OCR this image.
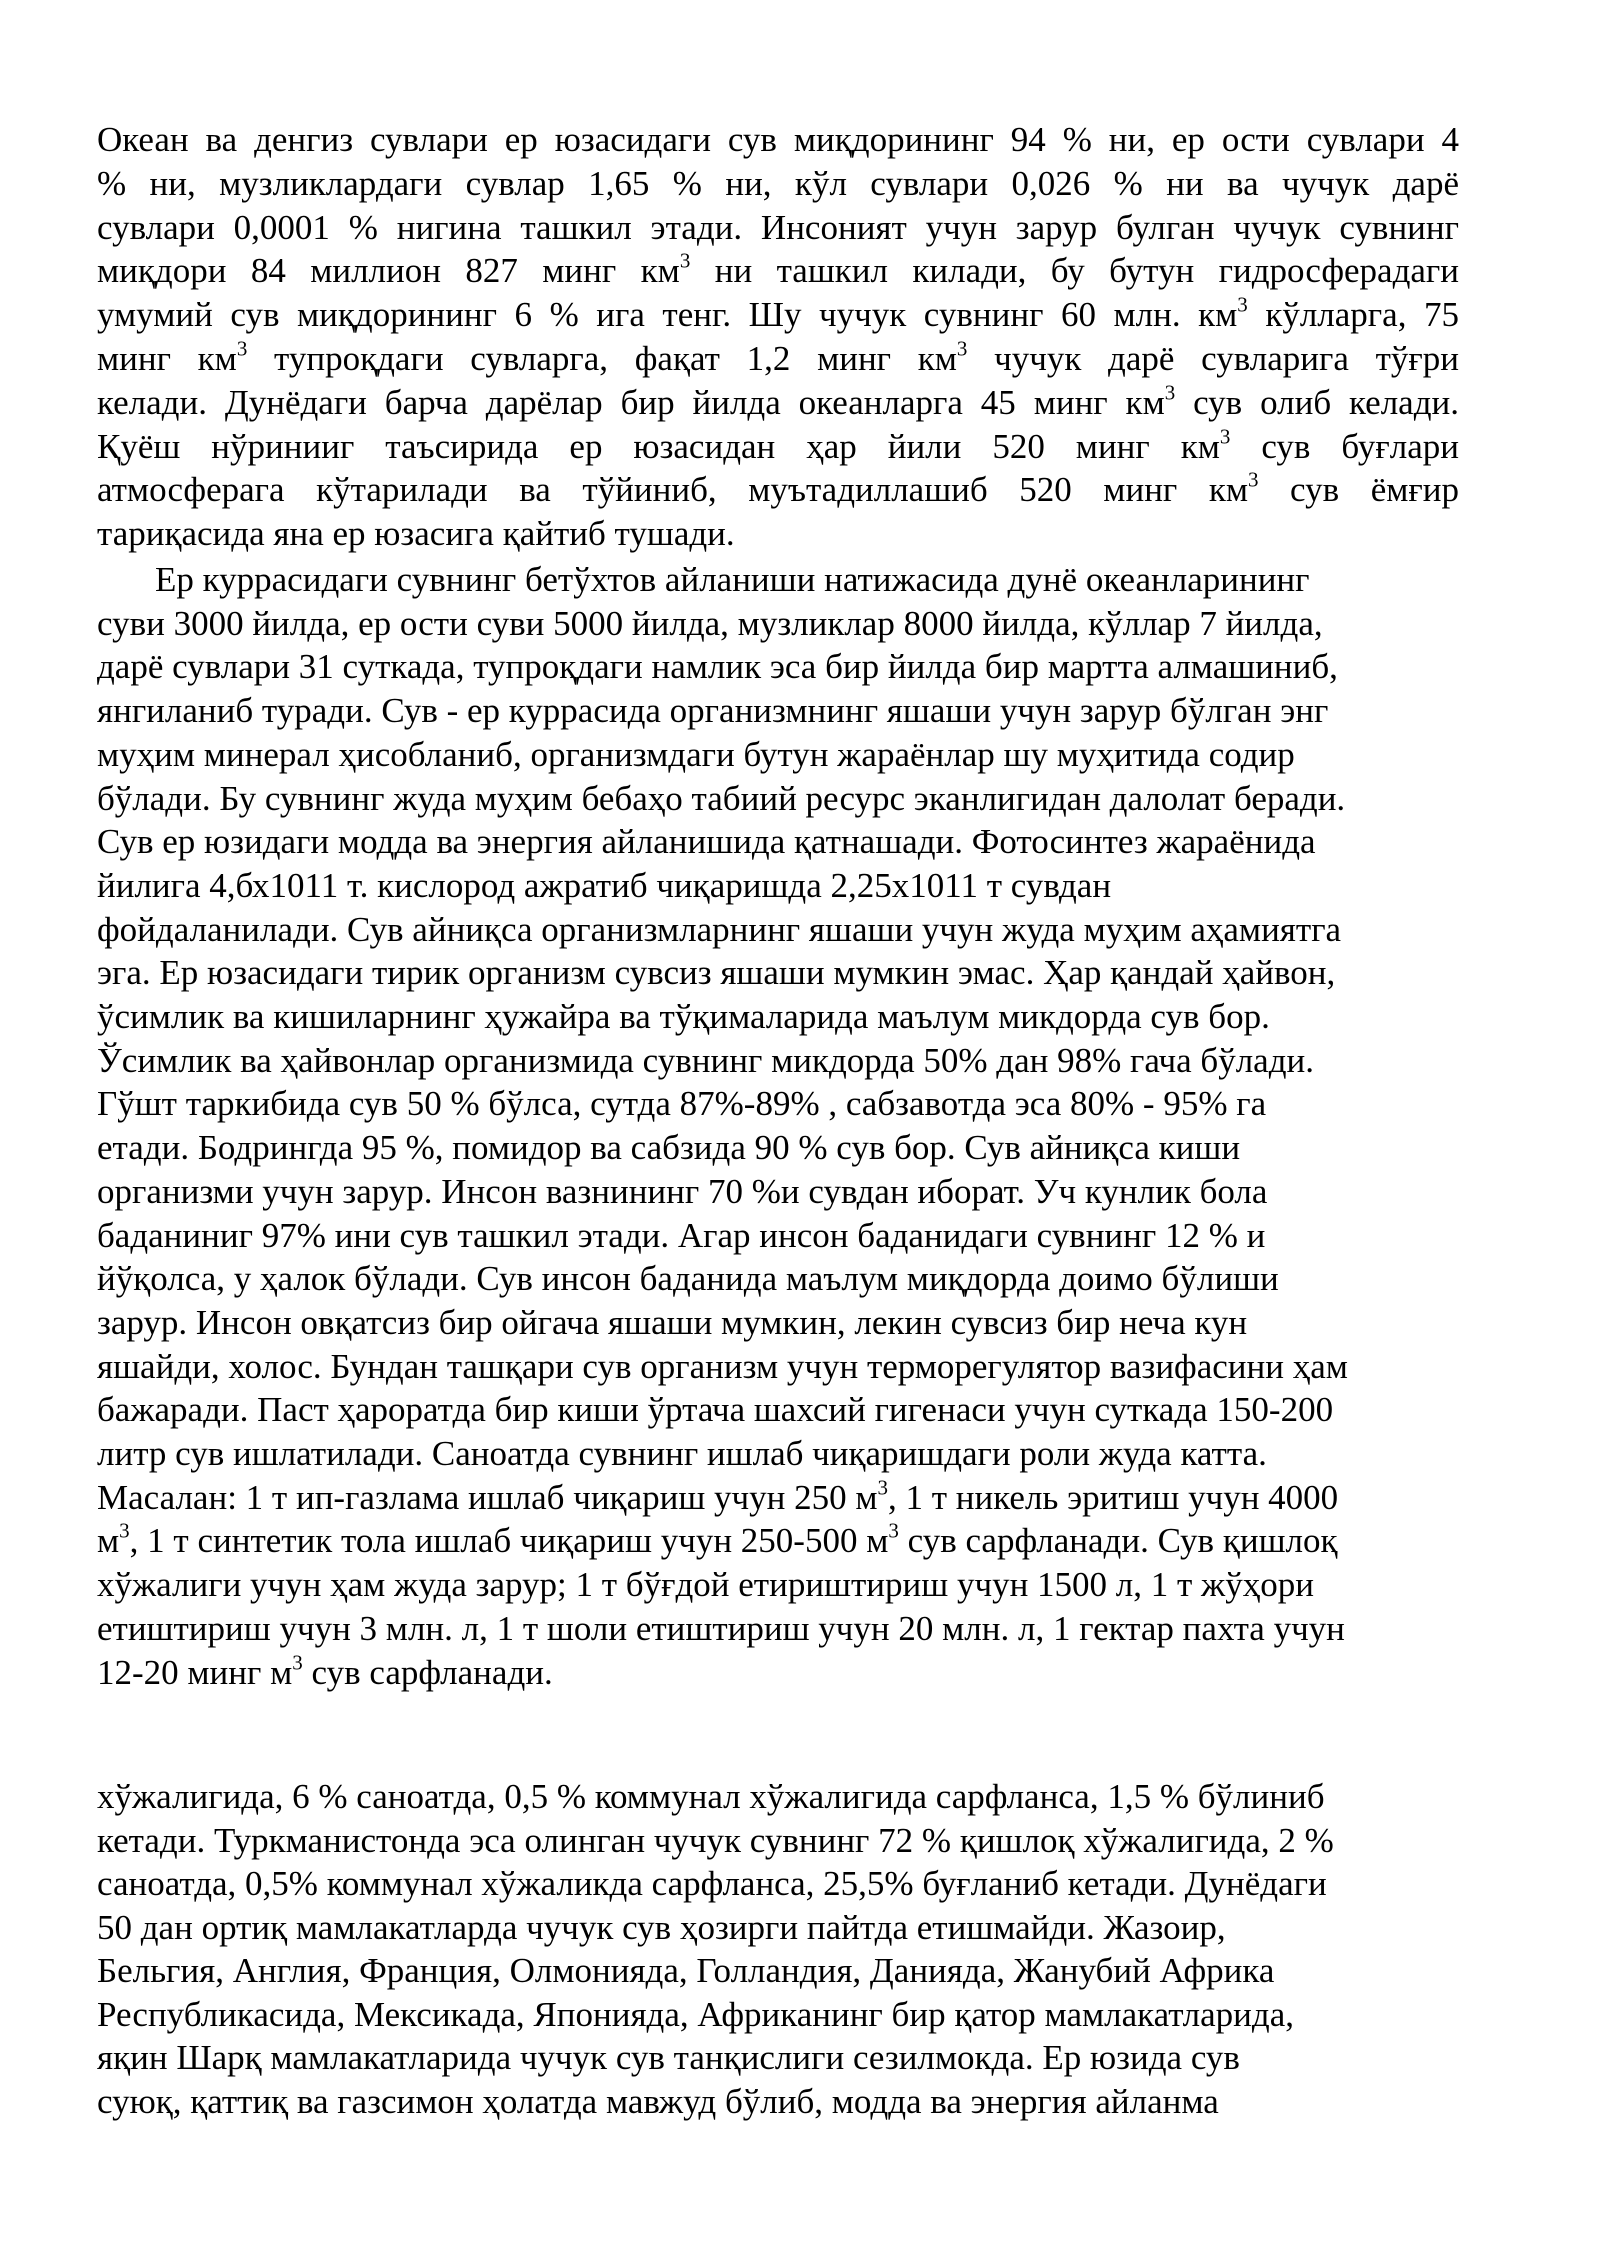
Океан ва денгиз сувлари ер юзасидаги сув миқдорининг 94 % ни, ер ости сувлари 4
% ни, музликлардаги сувлар 1,65 % ни, кўл сувлари 0,026 % ни ва чучук дарё
сувлари 0,0001 % нигина ташкил этади. Инсоният учун зарур булган чучук сувнинг
миқдори 84 миллион 827 минг $км^3$ ни ташкил килади, бу бутун гидросферадаги
умумий сув миқдорининг 6 % ига тенг. Шу чучук сувнинг 60 млн. $км^3$ кўлларга, 75
минг $км^3$ тупроқдаги сувларга, фақат 1,2 минг $км^3$ чучук дарё сувларига тўғри
келади. Дунёдаги барча дарёлар бир йилда океанларга 45 минг $км^3$ сув олиб келади.
Қуёш нўринииг таъсирида ер юзасидан ҳар йили 520 минг $км^3$ сув буғлари
атмосферага кўтарилади ва тўйиниб, муътадиллашиб 520 минг $км^3$ сув ёмғир
тариқасида яна ер юзасига қайтиб тушади.
Ер куррасидаги сувнинг бетўхтов айланиши натижасида дунё океанларининг
суви 3000 йилда, ер ости суви 5000 йилда, музликлар 8000 йилда, кўллар 7 йилда,
дарё сувлари 31 суткада, тупроқдаги намлик эса бир йилда бир мартта алмашиниб,
янгиланиб туради. Сув - ер куррасида организмнинг яшаши учун зарур бўлган энг
муҳим минерал ҳисобланиб, организмдаги бутун жараёнлар шу муҳитида содир
бўлади. Бу сувнинг жуда муҳим бебаҳо табиий ресурс эканлигидан далолат беради.
Сув ер юзидаги модда ва энергия айланишида қатнашади. Фотосинтез жараёнида
йилига 4,бх1011 т. кислород ажратиб чиқаришда 2,25х1011 т сувдан
фойдаланилади. Сув айниқса организмларнинг яшаши учун жуда муҳим аҳамиятга
эга. Ер юзасидаги тирик организм сувсиз яшаши мумкин эмас. Ҳар қандай ҳайвон,
ўсимлик ва кишиларнинг ҳужайра ва тўқималарида маълум микдорда сув бор.
Ўсимлик ва ҳайвонлар организмида сувнинг микдорда 50% дан 98% гача бўлади.
Гўшт таркибида сув 50 % бўлса, сутда 87%-89% , сабзавотда эса 80% - 95% га
етади. Бодрингда 95 %, помидор ва сабзида 90 % сув бор. Сув айниқса киши
организми учун зарур. Инсон вазнининг 70 %и сувдан иборат. Уч кунлик бола
бадaниниг 97% ини сув ташкил этади. Агар инсон баданидаги сувнинг 12 % и
йўқолса, у ҳалок бўлади. Сув инсон баданида маълум миқдорда доимо бўлиши
зарур. Инсон овқатсиз бир ойгача яшаши мумкин, лекин сувсиз бир неча кун
яшайди, холос. Бундан ташқари сув организм учун терморегулятор вазифасини ҳам
бажаради. Паст ҳароратда бир киши ўртача шахсий гигенаси учун суткада 150-200
литр сув ишлатилади. Саноатда сувнинг ишлаб чиқаришдаги роли жуда катта.
Масалан: 1 т ип-газлама ишлаб чиқариш учун 250 $м^3$, 1 т никель эритиш учун 4000
$м^3$, 1 т синтетик тола ишлаб чиқариш учун 250-500 $м^3$ сув сарфланади. Сув қишлоқ
хўжалиги учун ҳам жуда зарур; 1 т бўғдой етириштириш учун 1500 л, 1 т жўҳори
етиштириш учун 3 млн. л, 1 т шоли етиштириш учун 20 млн. л, 1 гектар пахта учун
12-20 минг $м^3$ сув сарфланади.
хўжалигида, 6 % саноатда, 0,5 % коммунал хўжалигида сарфланса, 1,5 % бўлиниб
кетади. Туркманистонда эса олинган чучук сувнинг 72 % қишлоқ хўжалигида, 2 %
саноатда, 0,5% коммунал хўжаликда сарфланса, 25,5% буғланиб кетади. Дунёдаги
50 дан ортиқ мамлакатларда чучук сув ҳозирги пайтда етишмайди. Жазоир,
Бельгия, Англия, Франция, Олмонияда, Голландия, Данияда, Жанубий Африка
Республикасида, Мексикада, Японияда, Африканинг бир қатор мамлакатларида,
яқин Шарқ мамлакатларида чучук сув танқислиги сезилмокда. Ер юзида сув
суюқ, қаттиқ ва газсимон ҳолатда мавжуд бўлиб, модда ва энергия айланма
